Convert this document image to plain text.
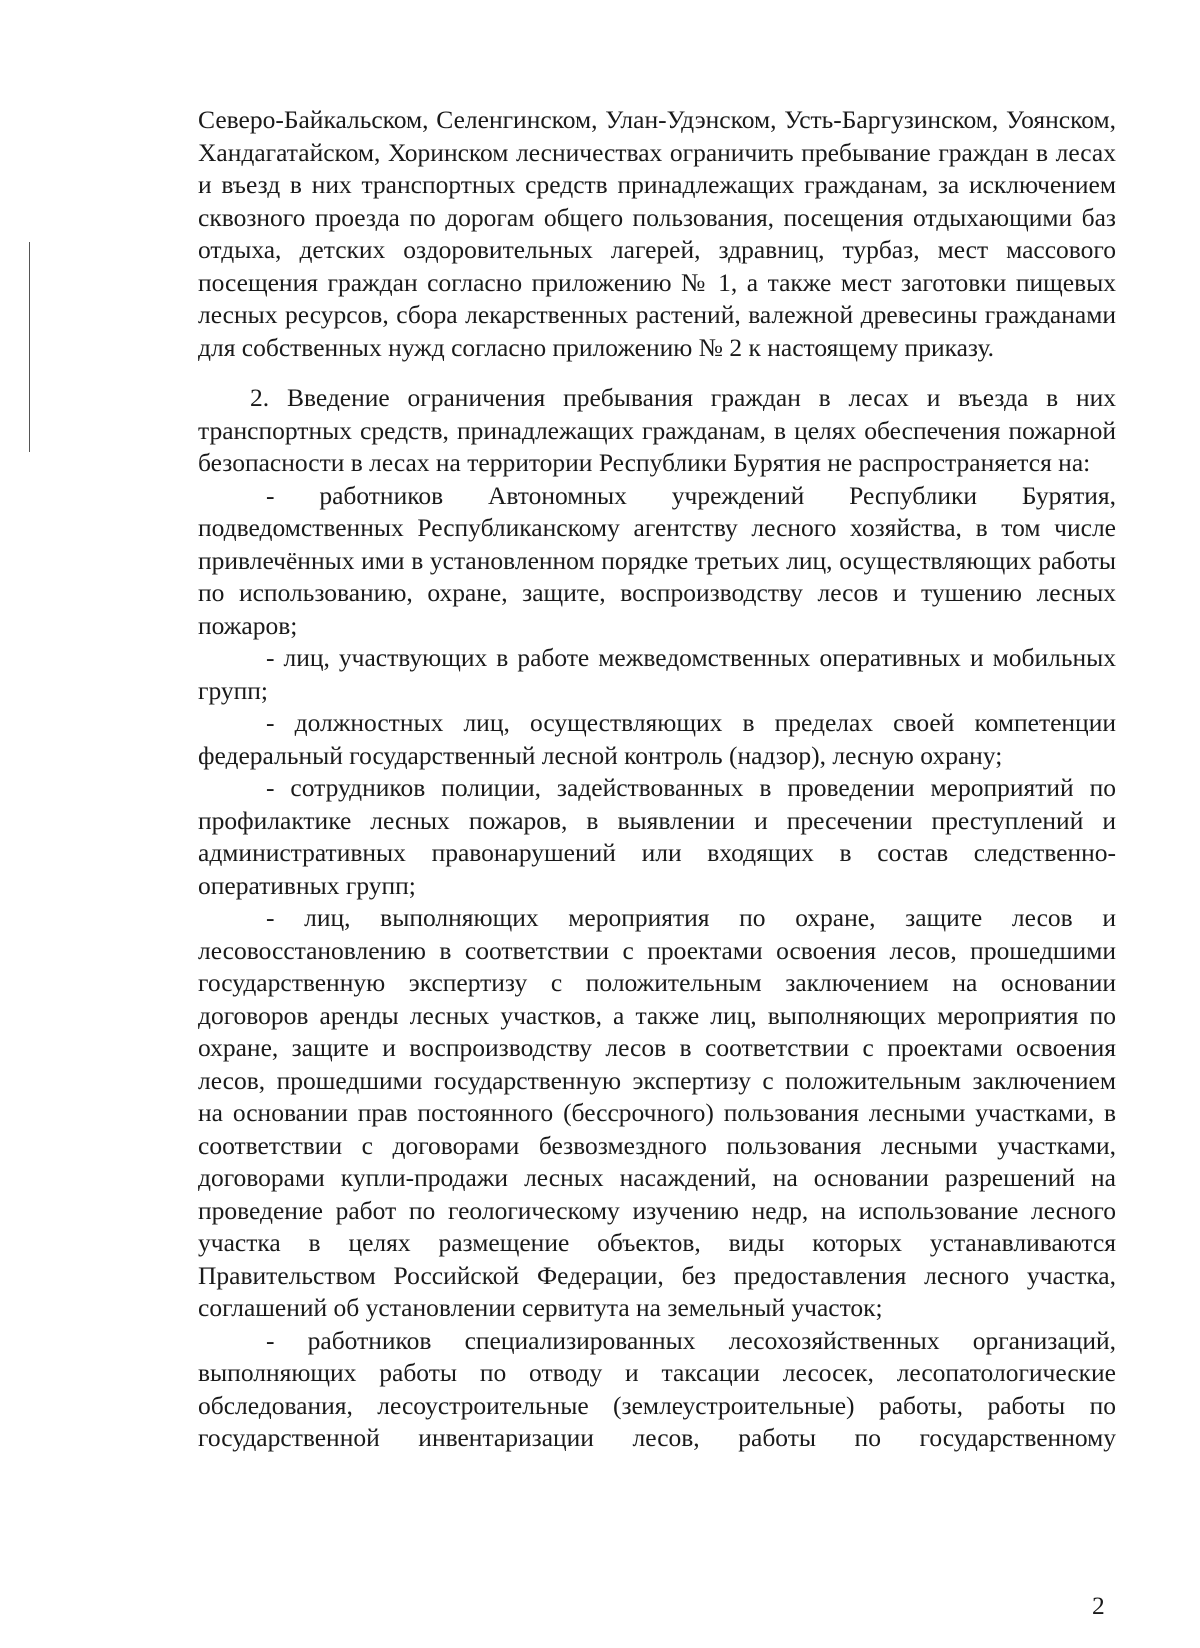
Северо-Байкальском, Селенгинском, Улан-Удэнском, Усть-Баргузинском, Уоянском, Хандагатайском, Хоринском лесничествах ограничить пребывание граждан в лесах и въезд в них транспортных средств принадлежащих гражданам, за исключением сквозного проезда по дорогам общего пользования, посещения отдыхающими баз отдыха, детских оздоровительных лагерей, здравниц, турбаз, мест массового посещения граждан согласно приложению № 1, а также мест заготовки пищевых лесных ресурсов, сбора лекарственных растений, валежной древесины гражданами для собственных нужд согласно приложению № 2 к настоящему приказу.

2. Введение ограничения пребывания граждан в лесах и въезда в них транспортных средств, принадлежащих гражданам, в целях обеспечения пожарной безопасности в лесах на территории Республики Бурятия не распространяется на:

- работников Автономных учреждений Республики Бурятия, подведомственных Республиканскому агентству лесного хозяйства, в том числе привлечённых ими в установленном порядке третьих лиц, осуществляющих работы по использованию, охране, защите, воспроизводству лесов и тушению лесных пожаров;

- лиц, участвующих в работе межведомственных оперативных и мобильных групп;

- должностных лиц, осуществляющих в пределах своей компетенции федеральный государственный лесной контроль (надзор), лесную охрану;

- сотрудников полиции, задействованных в проведении мероприятий по профилактике лесных пожаров, в выявлении и пресечении преступлений и административных правонарушений или входящих в состав следственно-оперативных групп;

- лиц, выполняющих мероприятия по охране, защите лесов и лесовосстановлению в соответствии с проектами освоения лесов, прошедшими государственную экспертизу с положительным заключением на основании договоров аренды лесных участков, а также лиц, выполняющих мероприятия по охране, защите и воспроизводству лесов в соответствии с проектами освоения лесов, прошедшими государственную экспертизу с положительным заключением на основании прав постоянного (бессрочного) пользования лесными участками, в соответствии с договорами безвозмездного пользования лесными участками, договорами купли-продажи лесных насаждений, на основании разрешений на проведение работ по геологическому изучению недр, на использование лесного участка в целях размещение объектов, виды которых устанавливаются Правительством Российской Федерации, без предоставления лесного участка, соглашений об установлении сервитута на земельный участок;

- работников специализированных лесохозяйственных организаций, выполняющих работы по отводу и таксации лесосек, лесопатологические обследования, лесоустроительные (землеустроительные) работы, работы по государственной инвентаризации лесов, работы по государственному

2
